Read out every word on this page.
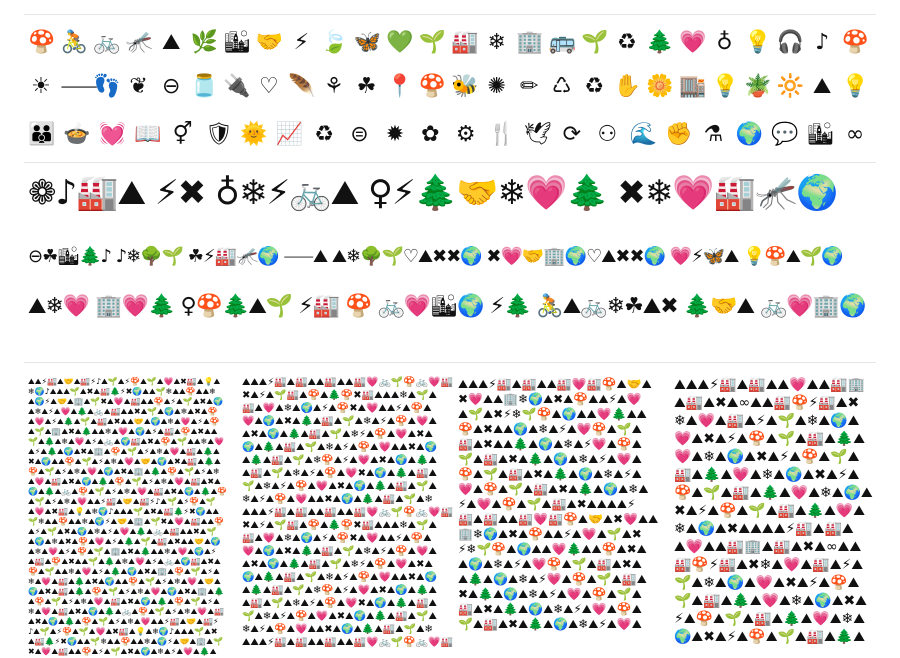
🍄 🚴 🚲 🦟 ⛰ 🌿 🏙 🤝 ⚡ 🍃 🦋 💚 🌱 🏭 ❄ 🏢 🚌 🌱 ♻ 🌲 💗 ♁ 💡 🎧 ♪ 🍄
☀ ⸺
👣 ❦ ⊖ 🫙 🔌 ♡ 🪶 ⚘ ☘ 📍 🍄 🐝 ✺ ✏ ♺ ♻ ✋ 🌼 🏬 💡 🪴 🔆 ⛰ 💡
👪 🍲 💓 📖 ⚥ 🛡 🌞 📈 ♻ ⊜ ✹ ✿ ⚙ 🍴 🕊 ⟳ ⚇ 🌊 ✊ ⚗ 🌍 💬 🏙 ∞
❁♪🏭⛰ ⚡✖ ♁❄⚡🚲⛰ ♀⚡🌲🤝❄💗🌲 ✖❄💗🏭🦟🌍
⊖☘🏙🌲♪ ♪❄🌳🌱 ☘⚡🏭🦟🌍 ⸺⛰ ⛰❄🌳🌱♡⛰✖✖🌍 ✖💗🤝🏢🌍♡⛰✖✖🌍 💗⚡🦋⛰ 💡🍄⛰🌱🌍
⛰❄💗 🏢💗🌲 ♀🍄🌲⛰🌱 ⚡🏭 🍄 🚲💗🏙🌍 ⚡🌲 🚴⛰🚲❄☘⛰✖ 🌲🤝⛰ 🚲💗🏢🌍
⛰⛰⚡🏭⛰🤝⛰🏭⚡♪⛰🌱⛰⚡🍄⛰🌱⛰💗⛰✖🏭⛰💡⛰
❄🌍♪⛰⛰⛰🌱⛰✖⛰🏭🌲⚡✖🌍⛰⛰🌱❄⛰⛰🍄⛰⛰❄
⛰🌍⚡⛰🤝⛰🏢⛰🌱✖⛰💗⛰🏭⛰⛰🍄⛰⚡⛰🌱⛰✖⛰🌍
⛰❄⛰⚡⛰💗⛰🌲⛰🚲⛰🏭⛰⛰✖⛰🌱⛰🌍⛰❄⛰✖⛰🍄
⛰💗⛰⚡⛰🌲⛰🌱⛰🏭⛰✖⛰⛰🤝⛰🌍⛰❄⛰💗⛰⚡⛰🍄
⛰🌱⛰🏢⛰✖⛰🌲⛰⛰❄⛰💗⛰🌍⛰⚡⛰🏭⛰🍄⛰✖⛰⛰
🌱⛰🌲⛰❄⛰💗⛰⚡⛰🚲⛰🌍🏭⛰✖⛰🍄⛰🌱⛰⛰❄⛰💗
⛰⚡⛰🌲⛰🌍⛰✖⛰🏢⛰🍄⛰🌱⛰⚡⛰❄⛰💗⛰🏭⛰🌲⛰
✖⛰🌍⛰⛰🍄⛰🌱⛰⚡⛰❄⛰💗⛰🤝⛰🌍⛰✖⛰🏭⛰🌲⛰
🍄⛰🌱⛰⚡⛰❄⛰💗⛰🌍⛰✖⛰🏢⛰🌲⛰🍄⛰🌱⛰⚡⛰❄
⛰💗⛰🏭⛰✖⛰🌍⛰🌲⛰🍄⛰🌱⛰⚡⛰❄⛰💗⛰🏭⛰✖⛰
🌍⛰🌲⛰🚲⛰🍄⛰🌱⛰⚡⛰❄⛰💗⛰🏭⛰✖⛰🌍⛰🌲⛰🍄
⛰🌱⛰⚡⛰❄⛰💗⛰⛰⚡🏭⛰🤝⛰🏭⚡♪⛰🌱⛰⚡🍄⛰🌱
⛰💗⛰✖🏭⛰💡⛰❄🌍♪⛰⛰⛰🌱⛰✖⛰🏭🌲⚡✖🌍⛰⛰
🌱❄⛰⛰🍄⛰⛰❄⛰🌍⚡⛰🤝⛰🏢⛰🌱✖⛰💗⛰🏭⛰⛰🍄
⛰⚡⛰🌱⛰✖⛰🌍⛰❄⛰⚡⛰💗⛰🌲⛰🚲⛰🏭⛰⛰✖⛰🌱
⛰🌍⛰❄⛰✖⛰🍄⛰💗⛰⚡⛰🌲⛰🌱⛰🏭⛰✖⛰⛰🤝⛰🌍
⛰❄⛰💗⛰⚡⛰🍄⛰🌱⛰🏢⛰✖⛰🌲⛰⛰❄⛰💗⛰🌍⛰⚡
⛰🏭⛰🍄⛰✖⛰⛰🌱⛰🌲⛰❄⛰💗⛰⚡⛰🚲⛰🌍🏭⛰✖⛰
🍄⛰🌱⛰⛰❄⛰💗⛰⚡⛰🌲⛰🌍⛰✖⛰🏢⛰🍄⛰🌱⛰⚡⛰
❄⛰💗⛰🏭⛰🌲⛰✖⛰🌍⛰⛰🍄⛰🌱⛰⚡⛰❄⛰💗⛰🤝⛰
🌍⛰✖⛰🏭⛰🌲⛰🍄⛰🌱⛰⚡⛰❄⛰💗⛰🌍⛰✖⛰🏢⛰🌲
⛰🍄⛰🌱⛰⚡⛰❄⛰💗⛰🏭⛰✖⛰🌍⛰🌲⛰🍄⛰🌱⛰⚡⛰
❄⛰💗⛰🏭⛰✖⛰🌍⛰🌲⛰🚲⛰🍄⛰🌱⛰⚡⛰❄⛰💗⛰🏭
⛰✖⛰🌍⛰🌲⛰🍄⛰🌱⛰⚡⛰❄⛰💗⛰⛰⚡🏭⛰🤝⛰🏭⚡
♪⛰🌱⛰⚡🍄⛰🌱⛰💗⛰✖🏭⛰💡⛰❄🌍♪⛰⛰⛰🌱⛰✖
⛰🏭🌲⚡✖🌍⛰⛰🌱❄⛰⛰🍄⛰⛰❄⛰🌍⚡⛰🤝⛰🏢⛰🌱
✖⛰💗⛰🏭⛰⛰🍄⛰⚡⛰🌱⛰✖⛰🌍⛰❄⛰⚡⛰💗⛰🌲⛰
⛰⛰⛰⚡🏭⛰🏭⛰⛰🏭⛰⛰🏭💗🚲🌱🍄🚲💗🏭
✖⛰⚡⛰🌱🏭⛰🍄⛰🌲🍄✖🏭⛰⛰⛰❄⛰🌱⛰
🏭⛰💗⛰❄⛰🌍⛰⚡⛰🍄✖⛰💗⛰⛰⚡⛰🍄⛰
💗⛰🌍⛰✖⛰🌲⛰🏭⛰🌱⛰❄⛰⚡⛰🍄⛰💗⛰
⛰✖⛰🌍⛰🌲⛰🏭⛰🌱⛰❄⚡⛰🍄⛰💗⛰✖⛰
🌍⛰🌲⛰🏭⛰🌱⛰❄⛰⚡⛰🍄⛰💗⛰⛰✖⛰🌍
⛰🌲⛰🏭⛰🌱⛰❄🍄⛰⚡⛰💗⛰✖⛰🌍⛰🌲⛰
⛰🏭⛰🌱⛰❄⛰⚡⛰🍄⛰💗✖⛰🌍⛰🌲⛰🏭⛰
🌱⛰❄⛰⚡⛰🍄⛰💗⛰✖⛰🌍⛰🌲⛰🏭⛰🌱⛰
❄⛰⚡⛰🍄⛰💗⛰⛰✖⛰🌍⛰🌲⛰🏭⛰🌱⛰❄
⛰⛰⛰⚡🏭⛰🏭⛰⛰🏭⛰⛰🏭💗🚲🌱🍄🚲💗🏭
✖⛰⚡⛰🌱🏭⛰🍄⛰🌲🍄✖🏭⛰⛰⛰❄⛰🌱⛰
🏭⛰💗⛰❄⛰🌍⛰⚡⛰🍄✖⛰💗⛰⛰⚡⛰🍄⛰
💗⛰🌍⛰✖⛰🌲⛰🏭⛰🌱⛰❄⛰⚡⛰🍄⛰💗⛰
⛰✖⛰🌍⛰🌲⛰🏭⛰🌱⛰❄⚡⛰🍄⛰💗⛰✖⛰
🌍⛰🌲⛰🏭⛰🌱⛰❄⛰⚡⛰🍄⛰💗⛰⛰✖⛰🌍
⛰🌲⛰🏭⛰🌱⛰❄🍄⛰⚡⛰💗⛰✖⛰🌍⛰🌲⛰
⛰🏭⛰🌱⛰❄⛰⚡⛰🍄⛰💗✖⛰🌍⛰🌲⛰🏭⛰
🌱⛰❄⛰⚡⛰🍄⛰💗⛰✖⛰🌍⛰🌲⛰🏭⛰🌱⛰
❄⛰⚡⛰🍄⛰💗⛰⛰✖⛰🌍⛰🌲⛰🏭⛰🌱⛰❄
⛰⛰⛰⚡🏭⛰🏭⛰⛰🏭⛰⛰🏭💗🚲🌱🍄🚲💗🏭
⛰⛰⛰⚡🏭⛰🏭⛰⛰🏭💗🏭🍄⛰🤝⛰
✖💗⛰⛰🏢❄🌍⛰✖⛰🍄⛰⛰⚡⛰💗
⛰🌱⛰✖⚡❄🌱🍄⛰🌍⛰⛰💗🌲⛰⛰
🍄⛰✖⛰⛰🌍⛰❄⛰⚡⛰💗🍄⛰🌱⛰
🏭⛰✖⛰⛰🌲⛰🌍⛰❄⛰⚡💗⛰🍄⛰
🌱⛰🏭⛰✖⛰🌲⛰🌍⛰❄⛰⚡⛰💗⛰
🍄⛰🌱⛰🏭⛰✖⛰🌲⛰🌍⛰❄⛰⚡⛰
💗⛰🍄⛰🌱⛰🏭⛰✖⛰🌲⛰🌍⛰❄⛰
⚡⛰💗⛰🍄⛰🌱⛰🏭⛰✖⛰⛰⛰⛰⚡
🏭⛰🏭⛰⛰🏭💗🏭🍄⛰🤝⛰✖💗⛰⛰
🏢❄🌍⛰✖⛰🍄⛰⛰⚡⛰💗⛰🌱⛰✖
⚡❄🌱🍄⛰🌍⛰⛰💗🌲⛰⛰🍄⛰✖⛰
⛰🌍⛰❄⛰⚡⛰💗🍄⛰🌱⛰🏭⛰✖⛰
⛰🌲⛰🌍⛰❄⛰⚡💗⛰🍄⛰🌱⛰🏭⛰
✖⛰🌲⛰🌍⛰❄⛰⚡⛰💗⛰🍄⛰🌱⛰
🏭⛰✖⛰🌲⛰🌍⛰❄⛰⚡⛰💗⛰🍄⛰
🌱⛰🏭⛰✖⛰🌲⛰🌍⛰❄⛰⚡⛰💗⛰
⛰⛰⛰⚡🏭⛰🏭⛰⛰💗⛰⛰🏭🏢
⛰🏭⛰✖⛰∞⛰⛰🏭🍄⚡🏭⛰✖
❄⛰💗⛰🏭⛰⚡⛰🌱⛰❄⛰🌍⛰
💗⛰✖⛰⚡⛰🍄⛰🌱⛰🏭⛰🌲⛰
💗⛰❄⛰🌍⛰✖⛰⚡⛰🍄⛰🌱⛰
🏭⛰🌲⛰💗⛰❄⛰🌍⛰✖⛰⚡⛰
🍄⛰🌱⛰🏭⛰🌲⛰💗⛰❄⛰🌍⛰
✖⛰⚡⛰🍄⛰🌱⛰🏭⛰🌲⛰💗⛰
❄⛰🌍⛰✖⛰⛰⛰⛰⚡🏭⛰🏭⛰
⛰💗⛰⛰🏭🏢⛰🏭⛰✖⛰∞⛰⛰
🏭🍄⚡🏭⛰✖❄⛰💗⛰🏭⛰⚡⛰
🌱⛰❄⛰🌍⛰💗⛰✖⛰⚡⛰🍄⛰
🌱⛰🏭⛰🌲⛰💗⛰❄⛰🌍⛰✖⛰
⚡⛰🍄⛰🌱⛰🏭⛰🌲⛰💗⛰❄⛰
🌍⛰✖⛰⚡⛰🍄⛰🌱⛰🏭⛰🌲⛰
